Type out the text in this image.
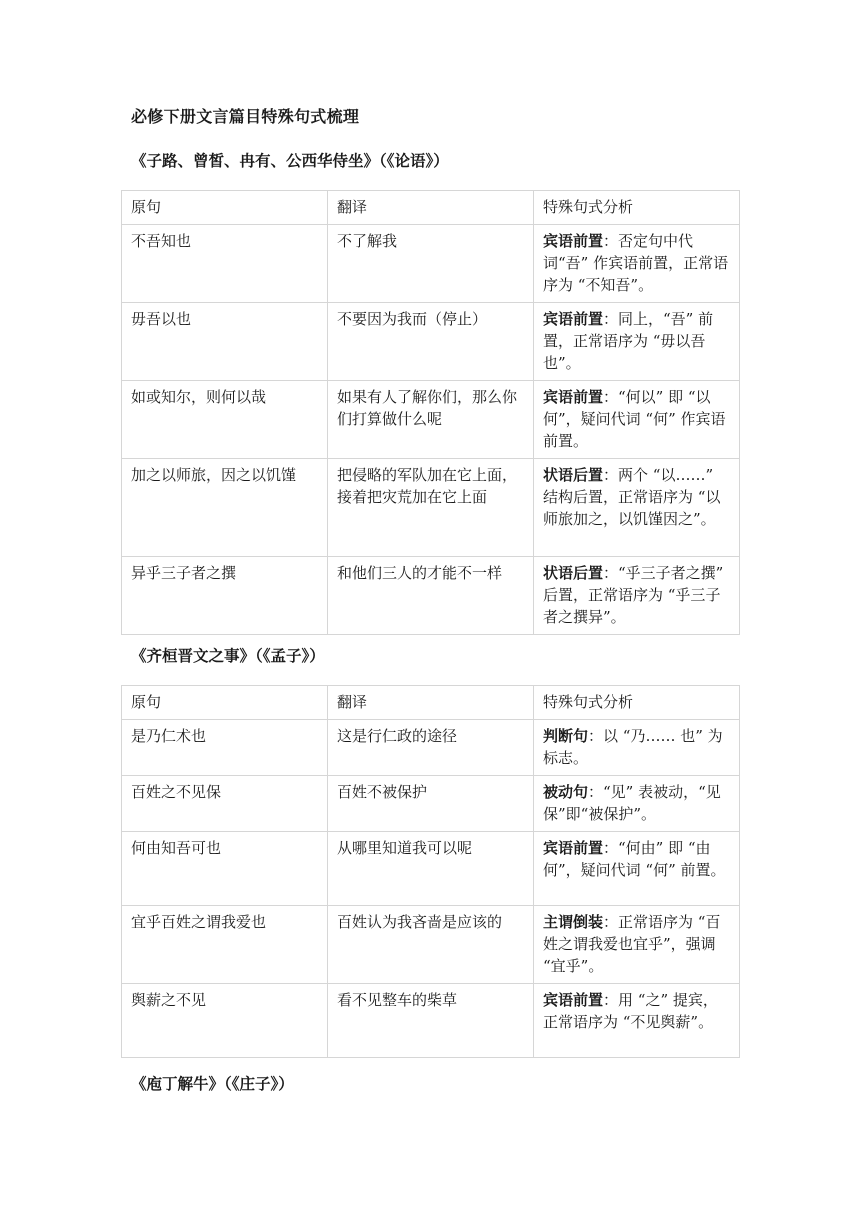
必修下册文言篇目特殊句式梳理
《子路、曾皙、冉有、公西华侍坐》（《论语》）
原句	翻译	特殊句式分析
不吾知也	不了解我	宾语前置：否定句中代词“吾” 作宾语前置，正常语序为 “不知吾”。
毋吾以也	不要因为我而（停止）	宾语前置：同上，“吾” 前置，正常语序为 “毋以吾也”。
如或知尔，则何以哉	如果有人了解你们，那么你们打算做什么呢	宾语前置：“何以” 即 “以何”，疑问代词 “何” 作宾语前置。
加之以师旅，因之以饥馑	把侵略的军队加在它上面，接着把灾荒加在它上面	状语后置：两个 “以……” 结构后置，正常语序为 “以师旅加之，以饥馑因之”。
异乎三子者之撰	和他们三人的才能不一样	状语后置：“乎三子者之撰” 后置，正常语序为 “乎三子者之撰异”。
《齐桓晋文之事》（《孟子》）
原句	翻译	特殊句式分析
是乃仁术也	这是行仁政的途径	判断句：以 “乃…… 也” 为标志。
百姓之不见保	百姓不被保护	被动句：“见” 表被动，“见保”即“被保护”。
何由知吾可也	从哪里知道我可以呢	宾语前置：“何由” 即 “由何”，疑问代词 “何” 前置。
宜乎百姓之谓我爱也	百姓认为我吝啬是应该的	主谓倒装：正常语序为 “百姓之谓我爱也宜乎”，强调 “宜乎”。
舆薪之不见	看不见整车的柴草	宾语前置：用 “之” 提宾，正常语序为 “不见舆薪”。
《庖丁解牛》（《庄子》）
